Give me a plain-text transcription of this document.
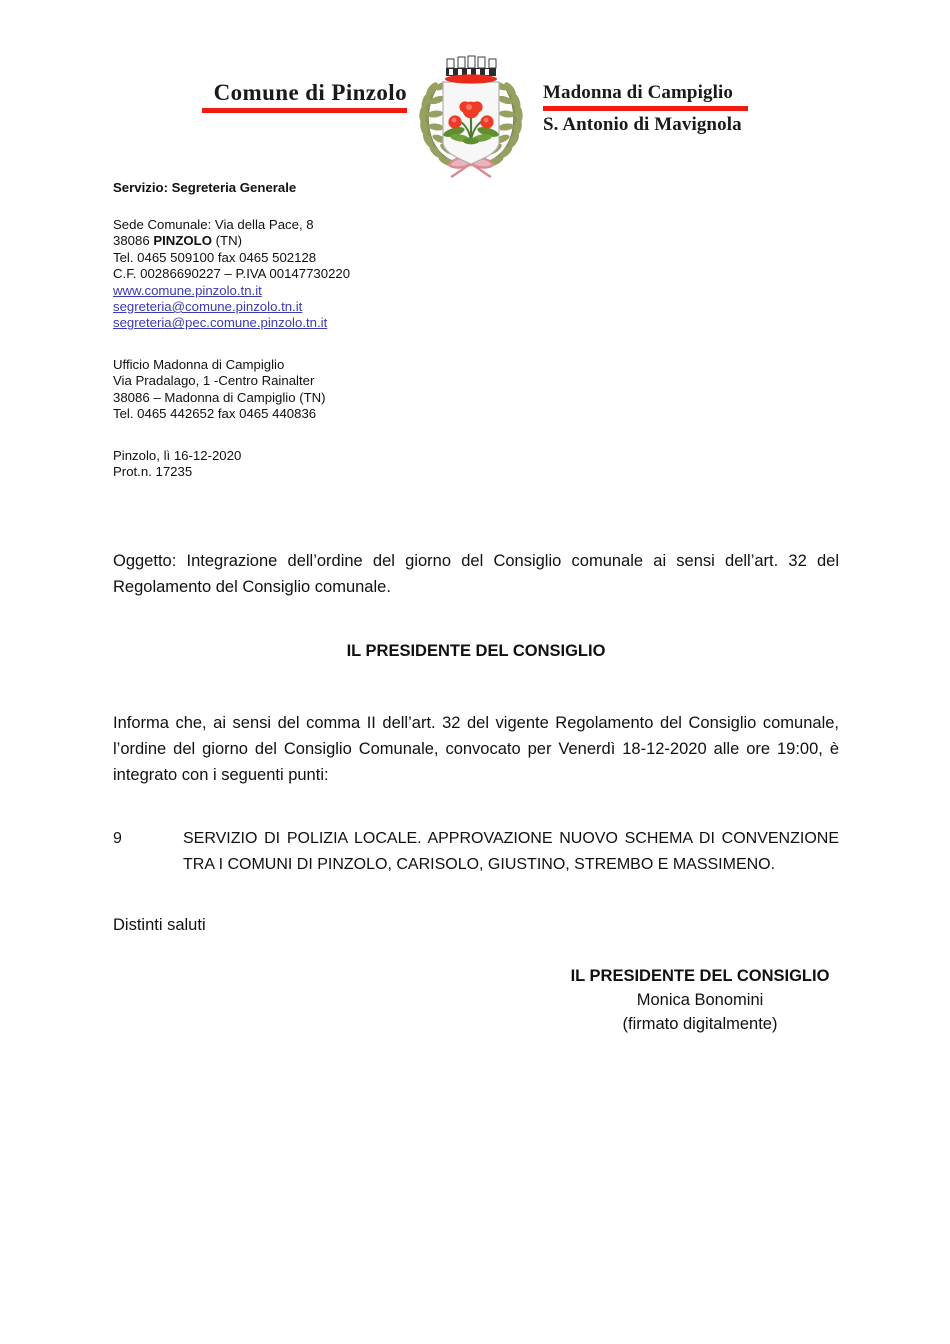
Comune di Pinzolo	Madonna di Campiglio
S. Antonio di Mavignola
Servizio: Segreteria Generale
Sede Comunale: Via della Pace, 8
38086 PINZOLO (TN)
Tel. 0465 509100 fax 0465 502128
C.F. 00286690227 – P.IVA 00147730220
www.comune.pinzolo.tn.it
segreteria@comune.pinzolo.tn.it
segreteria@pec.comune.pinzolo.tn.it
Ufficio Madonna di Campiglio
Via Pradalago, 1 -Centro Rainalter
38086 – Madonna di Campiglio (TN)
Tel. 0465 442652 fax 0465 440836
Pinzolo, lì 16-12-2020
Prot.n. 17235
Oggetto: Integrazione dell’ordine del giorno del Consiglio comunale ai sensi dell’art. 32 del Regolamento del Consiglio comunale.
IL PRESIDENTE DEL CONSIGLIO
Informa che, ai sensi del comma II dell’art. 32 del vigente Regolamento del Consiglio comunale, l’ordine del giorno del Consiglio Comunale, convocato per Venerdì 18-12-2020 alle ore 19:00, è integrato con i seguenti punti:
9	SERVIZIO DI POLIZIA LOCALE. APPROVAZIONE NUOVO SCHEMA DI CONVENZIONE TRA I COMUNI DI PINZOLO, CARISOLO, GIUSTINO, STREMBO E MASSIMENO.
Distinti saluti
IL PRESIDENTE DEL CONSIGLIO
Monica Bonomini
(firmato digitalmente)
